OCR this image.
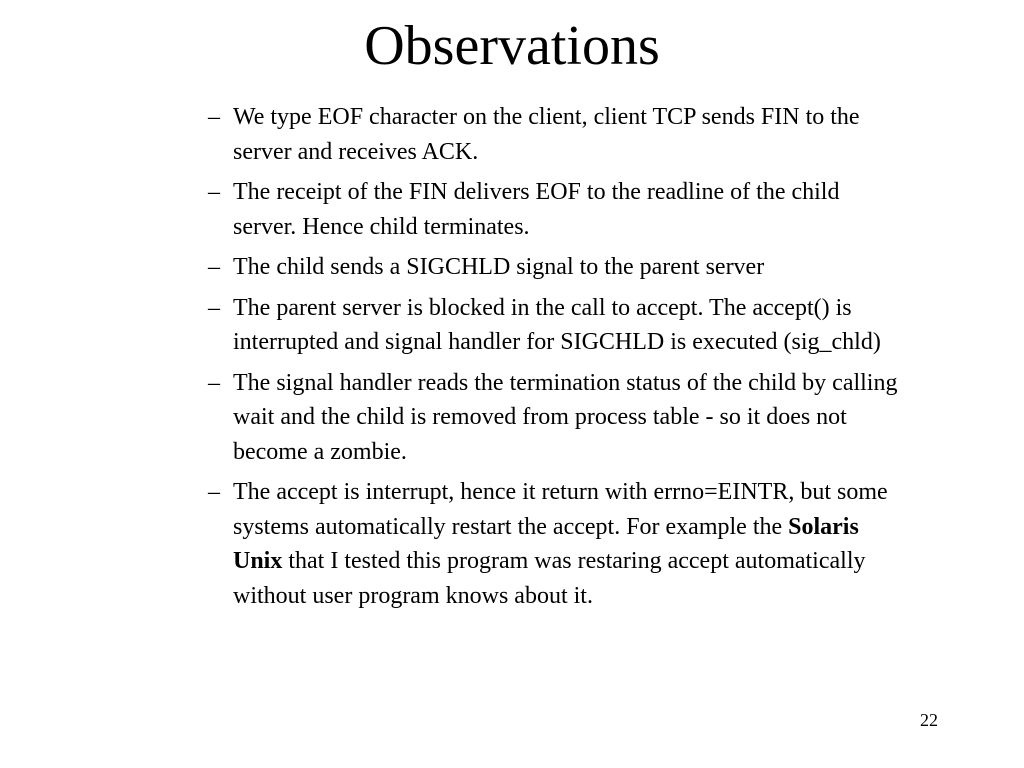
Observations
– We type EOF character on the client, client TCP sends FIN to the server and receives ACK.
– The receipt of the FIN delivers EOF to the readline of the child server. Hence child terminates.
– The child sends a SIGCHLD signal to the parent server
– The parent server is blocked in the call to accept. The accept() is interrupted and signal handler for SIGCHLD is executed (sig_chld)
– The signal handler reads the termination status of the child by calling wait and the child is removed from process table - so it does not become a zombie.
– The accept is interrupt, hence it return with errno=EINTR, but some systems automatically restart the accept. For example the Solaris Unix that I tested this program was restaring accept automatically without user program knows about it.
22
